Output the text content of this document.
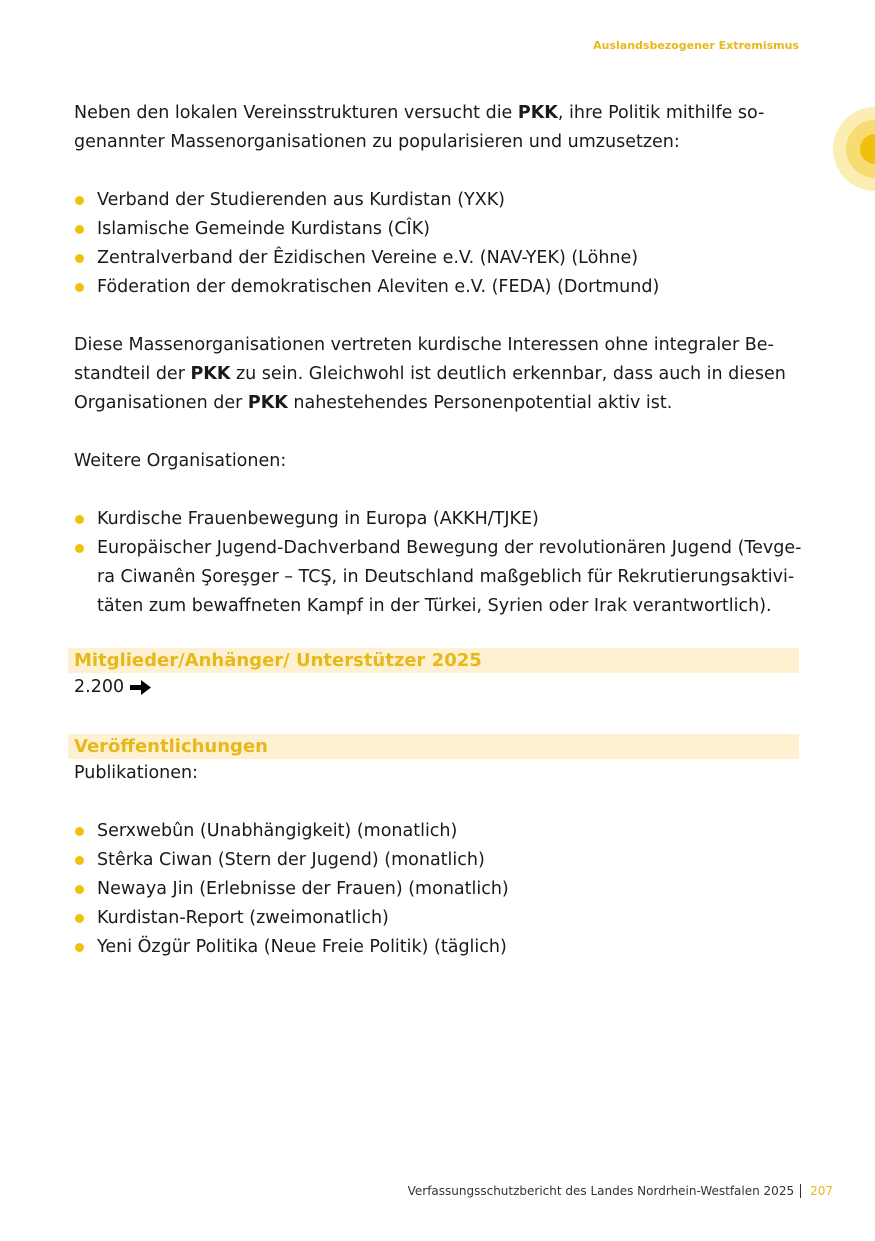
Auslandsbezogener Extremismus

Neben den lokalen Vereinsstrukturen versucht die PKK, ihre Politik mithilfe so-
genannter Massenorganisationen zu popularisieren und umzusetzen:

Verband der Studierenden aus Kurdistan (YXK)
Islamische Gemeinde Kurdistans (CÎK)
Zentralverband der Êzidischen Vereine e.V. (NAV-YEK) (Löhne)
Föderation der demokratischen Aleviten e.V. (FEDA) (Dortmund)

Diese Massenorganisationen vertreten kurdische Interessen ohne integraler Be-
standteil der PKK zu sein. Gleichwohl ist deutlich erkennbar, dass auch in diesen
Organisationen der PKK nahestehendes Personenpotential aktiv ist.

Weitere Organisationen:

Kurdische Frauenbewegung in Europa (AKKH/TJKE)
Europäischer Jugend-Dachverband Bewegung der revolutionären Jugend (Tevge-
ra Ciwanên Şoreşger – TCŞ, in Deutschland maßgeblich für Rekrutierungsaktivi-
täten zum bewaffneten Kampf in der Türkei, Syrien oder Irak verantwortlich).
Mitglieder/Anhänger/ Unterstützer 2025
2.200
Veröffentlichungen

Publikationen:

Serxwebûn (Unabhängigkeit) (monatlich)
Stêrka Ciwan (Stern der Jugend) (monatlich)
Newaya Jin (Erlebnisse der Frauen) (monatlich)
Kurdistan-Report (zweimonatlich)
Yeni Özgür Politika (Neue Freie Politik) (täglich)
Verfassungsschutzbericht des Landes Nordrhein-Westfalen 2025 207
